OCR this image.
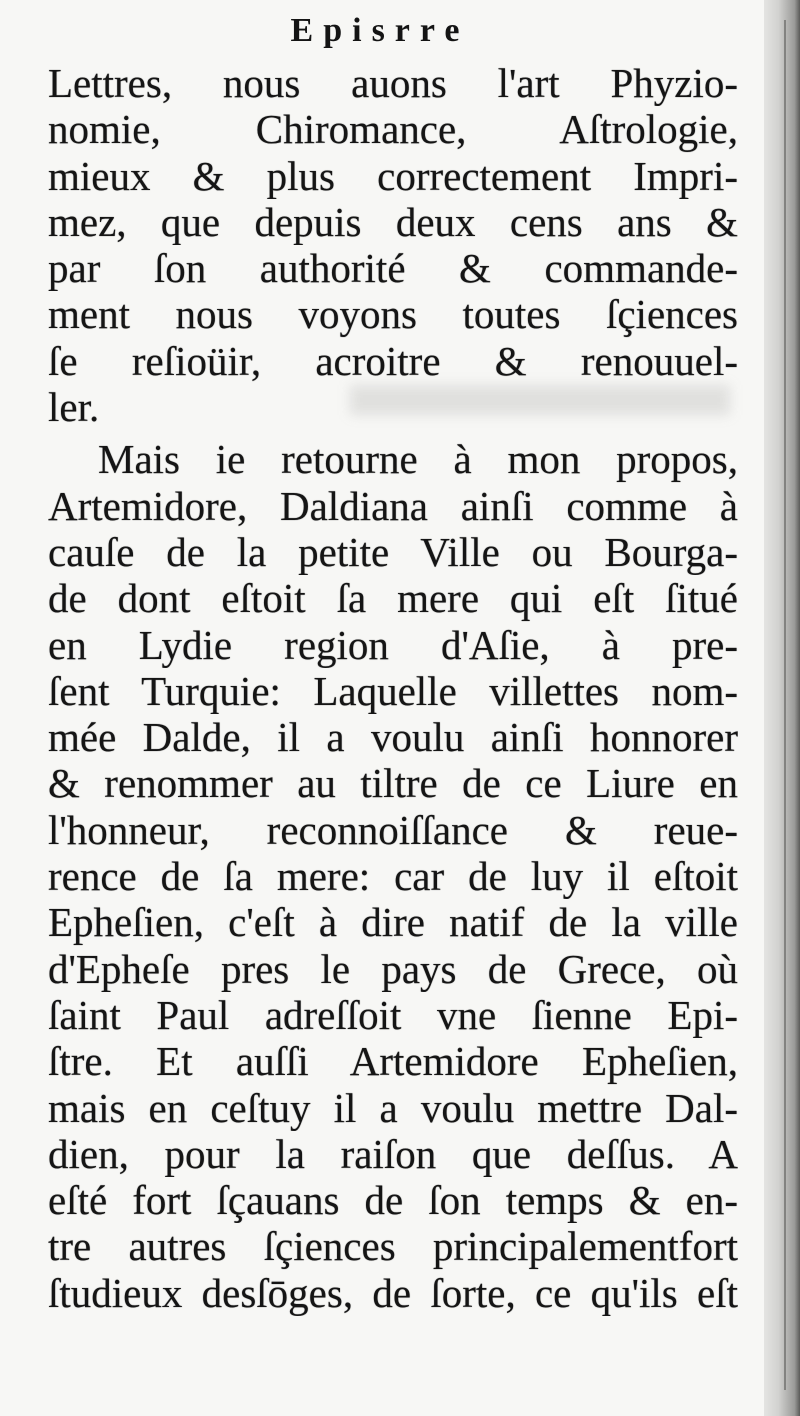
Episrre
Lettres, nous auons l'art Phyzio-
nomie, Chiromance, Aſtrologie,
mieux & plus correctement Impri-
mez, que depuis deux cens ans &
par ſon authorité & commande-
ment nous voyons toutes ſçiences
ſe reſioüir, acroitre & renouuel-
ler.
Mais ie retourne à mon propos,
Artemidore, Daldiana ainſi comme à
cauſe de la petite Ville ou Bourga-
de dont eſtoit ſa mere qui eſt ſitué
en Lydie region d'Aſie, à pre-
ſent Turquie: Laquelle villettes nom-
mée Dalde, il a voulu ainſi honnorer
& renommer au tiltre de ce Liure en
l'honneur, reconnoiſſance & reue-
rence de ſa mere: car de luy il eſtoit
Epheſien, c'eſt à dire natif de la ville
d'Epheſe pres le pays de Grece, où
ſaint Paul adreſſoit vne ſienne Epi-
ſtre. Et auſſi Artemidore Epheſien,
mais en ceſtuy il a voulu mettre Dal-
dien, pour la raiſon que deſſus. A
eſté fort ſçauans de ſon temps & en-
tre autres ſçiences principalementfort
ſtudieux desſōges, de ſorte, ce qu'ils eſt
